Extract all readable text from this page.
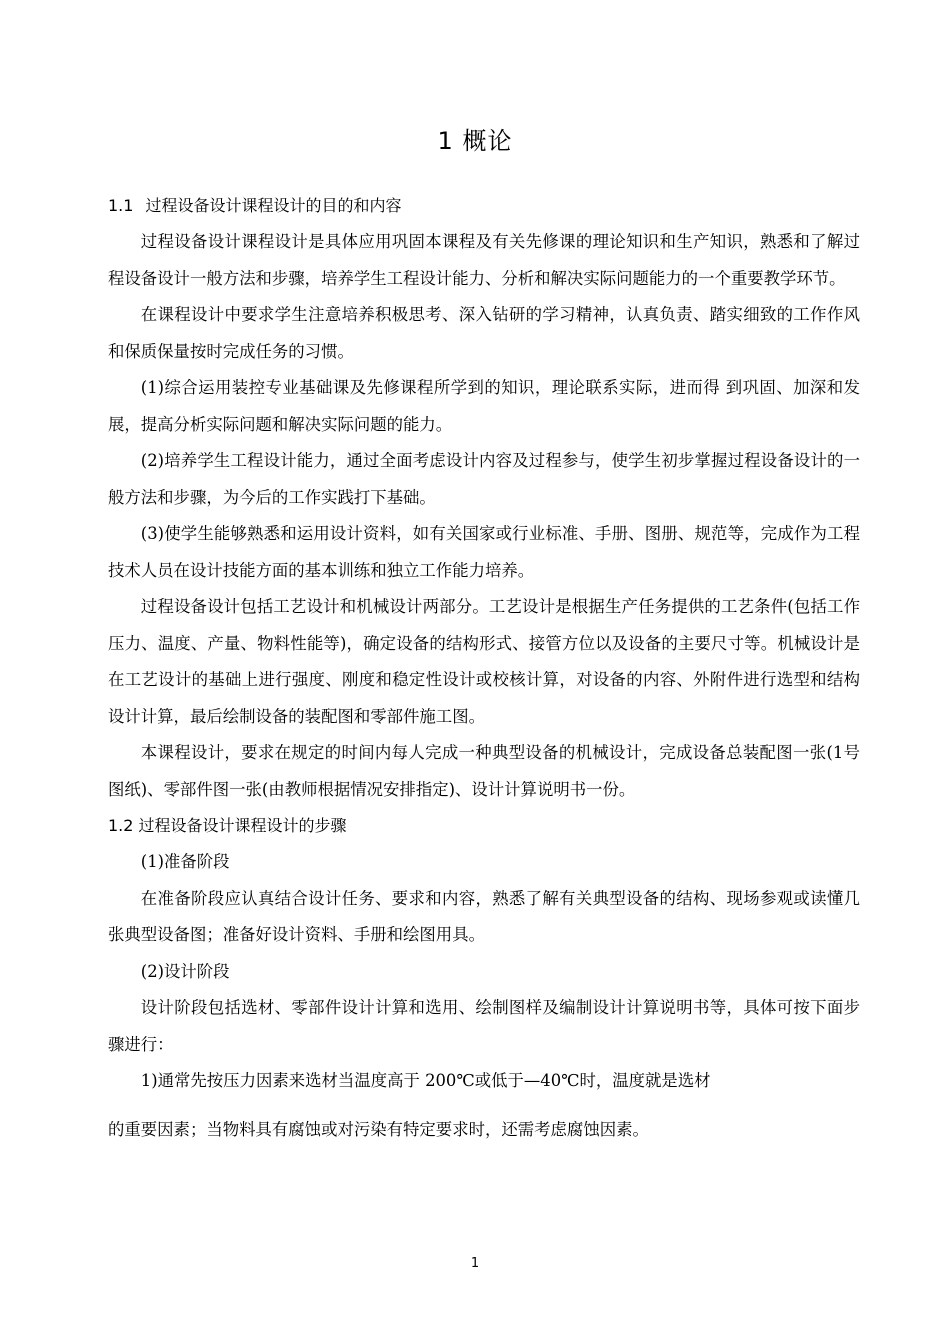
1 概论
1.1 过程设备设计课程设计的目的和内容

过程设备设计课程设计是具体应用巩固本课程及有关先修课的理论知识和生产知识，熟悉和了解过程设备设计一般方法和步骤，培养学生工程设计能力、分析和解决实际问题能力的一个重要教学环节。

在课程设计中要求学生注意培养积极思考、深入钻研的学习精神，认真负责、踏实细致的工作作风和保质保量按时完成任务的习惯。

(1)综合运用装控专业基础课及先修课程所学到的知识，理论联系实际，进而得 到巩固、加深和发展，提高分析实际问题和解决实际问题的能力。

(2)培养学生工程设计能力，通过全面考虑设计内容及过程参与，使学生初步掌握过程设备设计的一般方法和步骤，为今后的工作实践打下基础。

(3)使学生能够熟悉和运用设计资料，如有关国家或行业标准、手册、图册、规范等，完成作为工程技术人员在设计技能方面的基本训练和独立工作能力培养。

过程设备设计包括工艺设计和机械设计两部分。工艺设计是根据生产任务提供的工艺条件(包括工作压力、温度、产量、物料性能等)，确定设备的结构形式、接管方位以及设备的主要尺寸等。机械设计是在工艺设计的基础上进行强度、刚度和稳定性设计或校核计算，对设备的内容、外附件进行选型和结构设计计算，最后绘制设备的装配图和零部件施工图。

本课程设计，要求在规定的时间内每人完成一种典型设备的机械设计，完成设备总装配图一张(1号图纸)、零部件图一张(由教师根据情况安排指定)、设计计算说明书一份。

1.2 过程设备设计课程设计的步骤

(1)准备阶段

在准备阶段应认真结合设计任务、要求和内容，熟悉了解有关典型设备的结构、现场参观或读懂几张典型设备图；准备好设计资料、手册和绘图用具。

(2)设计阶段

设计阶段包括选材、零部件设计计算和选用、绘制图样及编制设计计算说明书等，具体可按下面步骤进行：

1)通常先按压力因素来选材当温度高于 200℃或低于—40℃时，温度就是选材

的重要因素；当物料具有腐蚀或对污染有特定要求时，还需考虑腐蚀因素。

1
